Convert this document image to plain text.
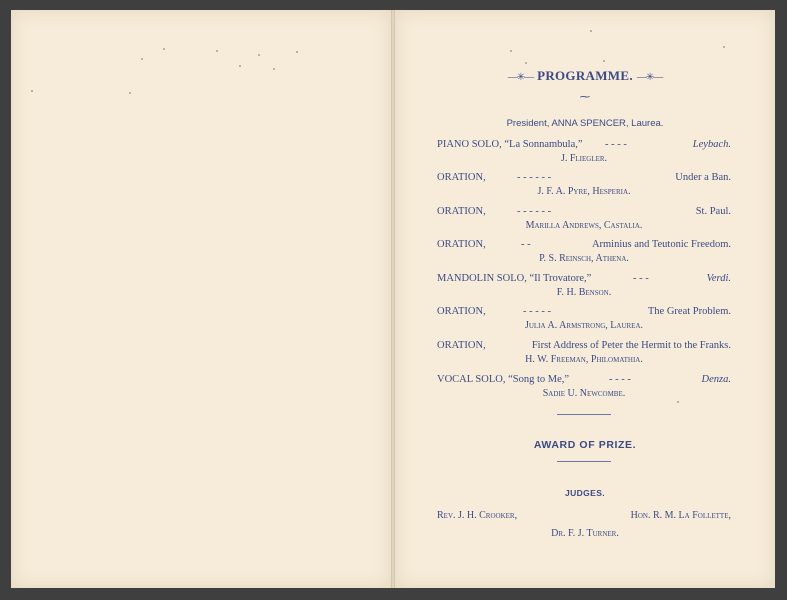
—✳— PROGRAMME. —✳—
⁓
President, ANNA SPENCER, Laurea.
PIANO SOLO, “La Sonnambula,” - - - -	Leybach.
J. Fliegler.
ORATION,	- - - - - -	Under a Ban.
J. F. A. Pyre, Hesperia.
ORATION,	- - - - - -	St. Paul.
Marilla Andrews, Castalia.
ORATION,	- -	Arminius and Teutonic Freedom.
P. S. Reinsch, Athena.
MANDOLIN SOLO, “Il Trovatore,”	- - -	Verdi.
F. H. Benson.
ORATION,	- - - - -	The Great Problem.
Julia A. Armstrong, Laurea.
ORATION,	First Address of Peter the Hermit to the Franks.
H. W. Freeman, Philomathia.
VOCAL SOLO, “Song to Me,”	- - - -	Denza.
Sadie U. Newcombe.
AWARD OF PRIZE.
JUDGES.
Rev. J. H. Crooker,	Hon. R. M. La Follette,
Dr. F. J. Turner.
